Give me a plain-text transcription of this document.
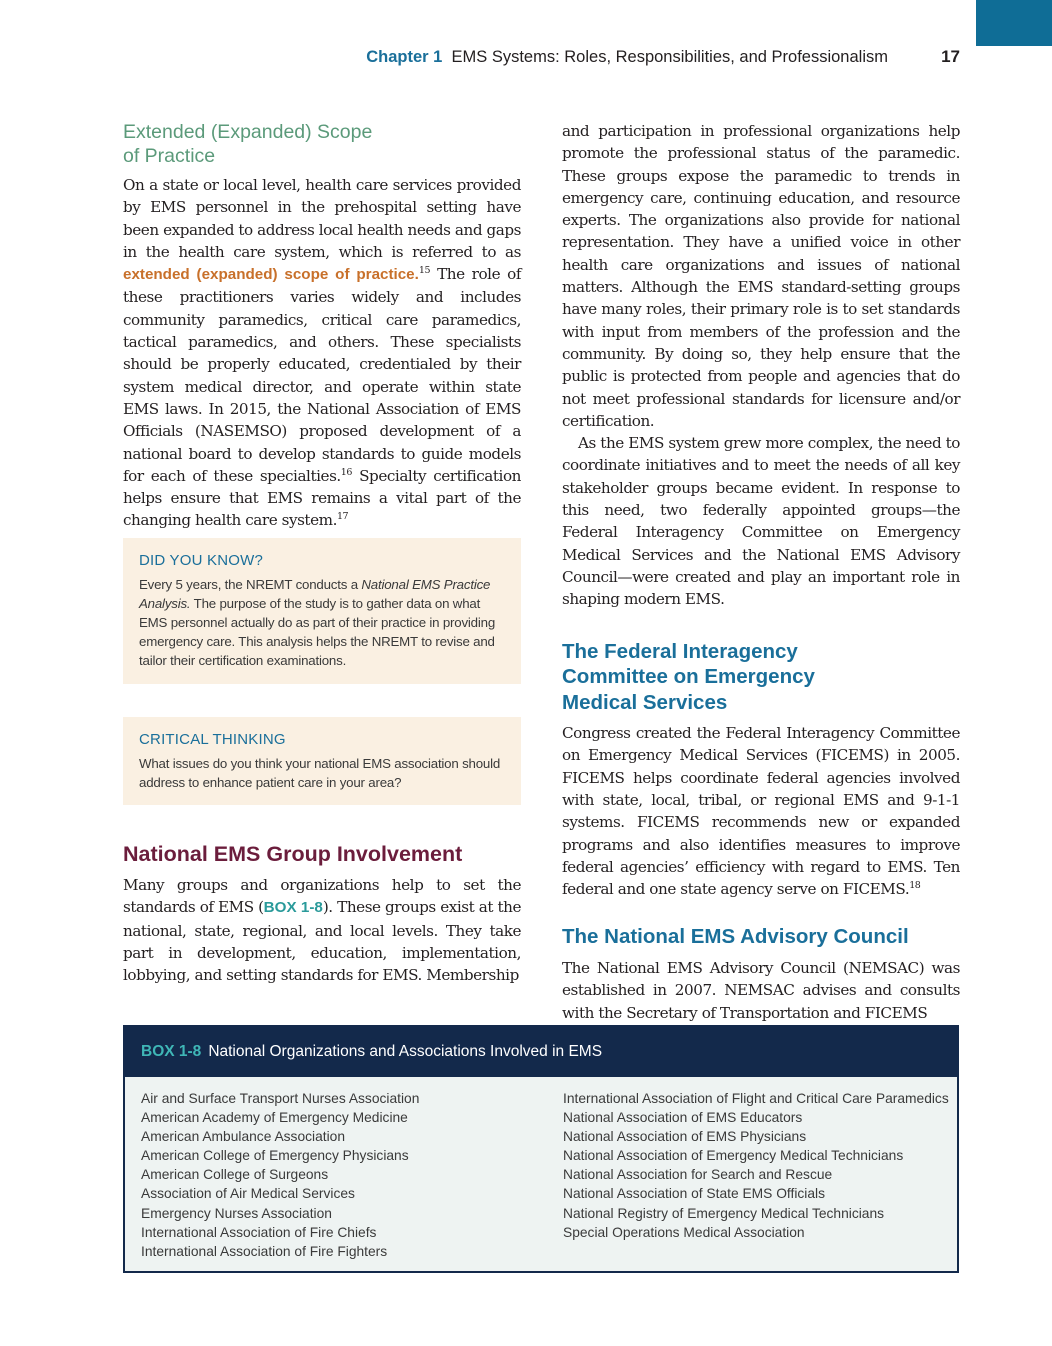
Chapter 1 EMS Systems: Roles, Responsibilities, and Professionalism	17
Extended (Expanded) Scope
of Practice

On a state or local level, health care services provided by EMS personnel in the prehospital setting have been expanded to address local health needs and gaps in the health care system, which is referred to as extended (expanded) scope of practice.$^{15}$ The role of these practitioners varies widely and includes community paramedics, critical care paramedics, tactical paramedics, and others. These specialists should be properly educated, credentialed by their system medical director, and operate within state EMS laws. In 2015, the National Association of EMS Officials (NASEMSO) proposed development of a national board to develop standards to guide models for each of these specialties.$^{16}$ Specialty certification helps ensure that EMS remains a vital part of the changing health care system.$^{17}$

DID YOU KNOW?
Every 5 years, the NREMT conducts a National EMS Practice Analysis. The purpose of the study is to gather data on what EMS personnel actually do as part of their practice in providing emergency care. This analysis helps the NREMT to revise and tailor their certification examinations.
CRITICAL THINKING
What issues do you think your national EMS association should address to enhance patient care in your area?
National EMS Group Involvement

Many groups and organizations help to set the standards of EMS (BOX 1-8). These groups exist at the national, state, regional, and local levels. They take part in development, education, implementation, lobbying, and setting standards for EMS. Membership

and participation in professional organizations help promote the professional status of the paramedic. These groups expose the paramedic to trends in emergency care, continuing education, and resource experts. The organizations also provide for national representation. They have a unified voice in other health care organizations and issues of national matters. Although the EMS standard-setting groups have many roles, their primary role is to set standards with input from members of the profession and the community. By doing so, they help ensure that the public is protected from people and agencies that do not meet professional standards for licensure and/or certification.

As the EMS system grew more complex, the need to coordinate initiatives and to meet the needs of all key stakeholder groups became evident. In response to this need, two federally appointed groups—the Federal Interagency Committee on Emergency Medical Services and the National EMS Advisory Council—were created and play an important role in shaping modern EMS.

The Federal Interagency
Committee on Emergency
Medical Services

Congress created the Federal Interagency Committee on Emergency Medical Services (FICEMS) in 2005. FICEMS helps coordinate federal agencies involved with state, local, tribal, or regional EMS and 9-1-1 systems. FICEMS recommends new or expanded programs and also identifies measures to improve federal agencies’ efficiency with regard to EMS. Ten federal and one state agency serve on FICEMS.$^{18}$

The National EMS Advisory Council

The National EMS Advisory Council (NEMSAC) was established in 2007. NEMSAC advises and consults with the Secretary of Transportation and FICEMS

BOX 1-8 National Organizations and Associations Involved in EMS
Air and Surface Transport Nurses Association
American Academy of Emergency Medicine
American Ambulance Association
American College of Emergency Physicians
American College of Surgeons
Association of Air Medical Services
Emergency Nurses Association
International Association of Fire Chiefs
International Association of Fire Fighters
International Association of Flight and Critical Care Paramedics
National Association of EMS Educators
National Association of EMS Physicians
National Association of Emergency Medical Technicians
National Association for Search and Rescue
National Association of State EMS Officials
National Registry of Emergency Medical Technicians
Special Operations Medical Association
